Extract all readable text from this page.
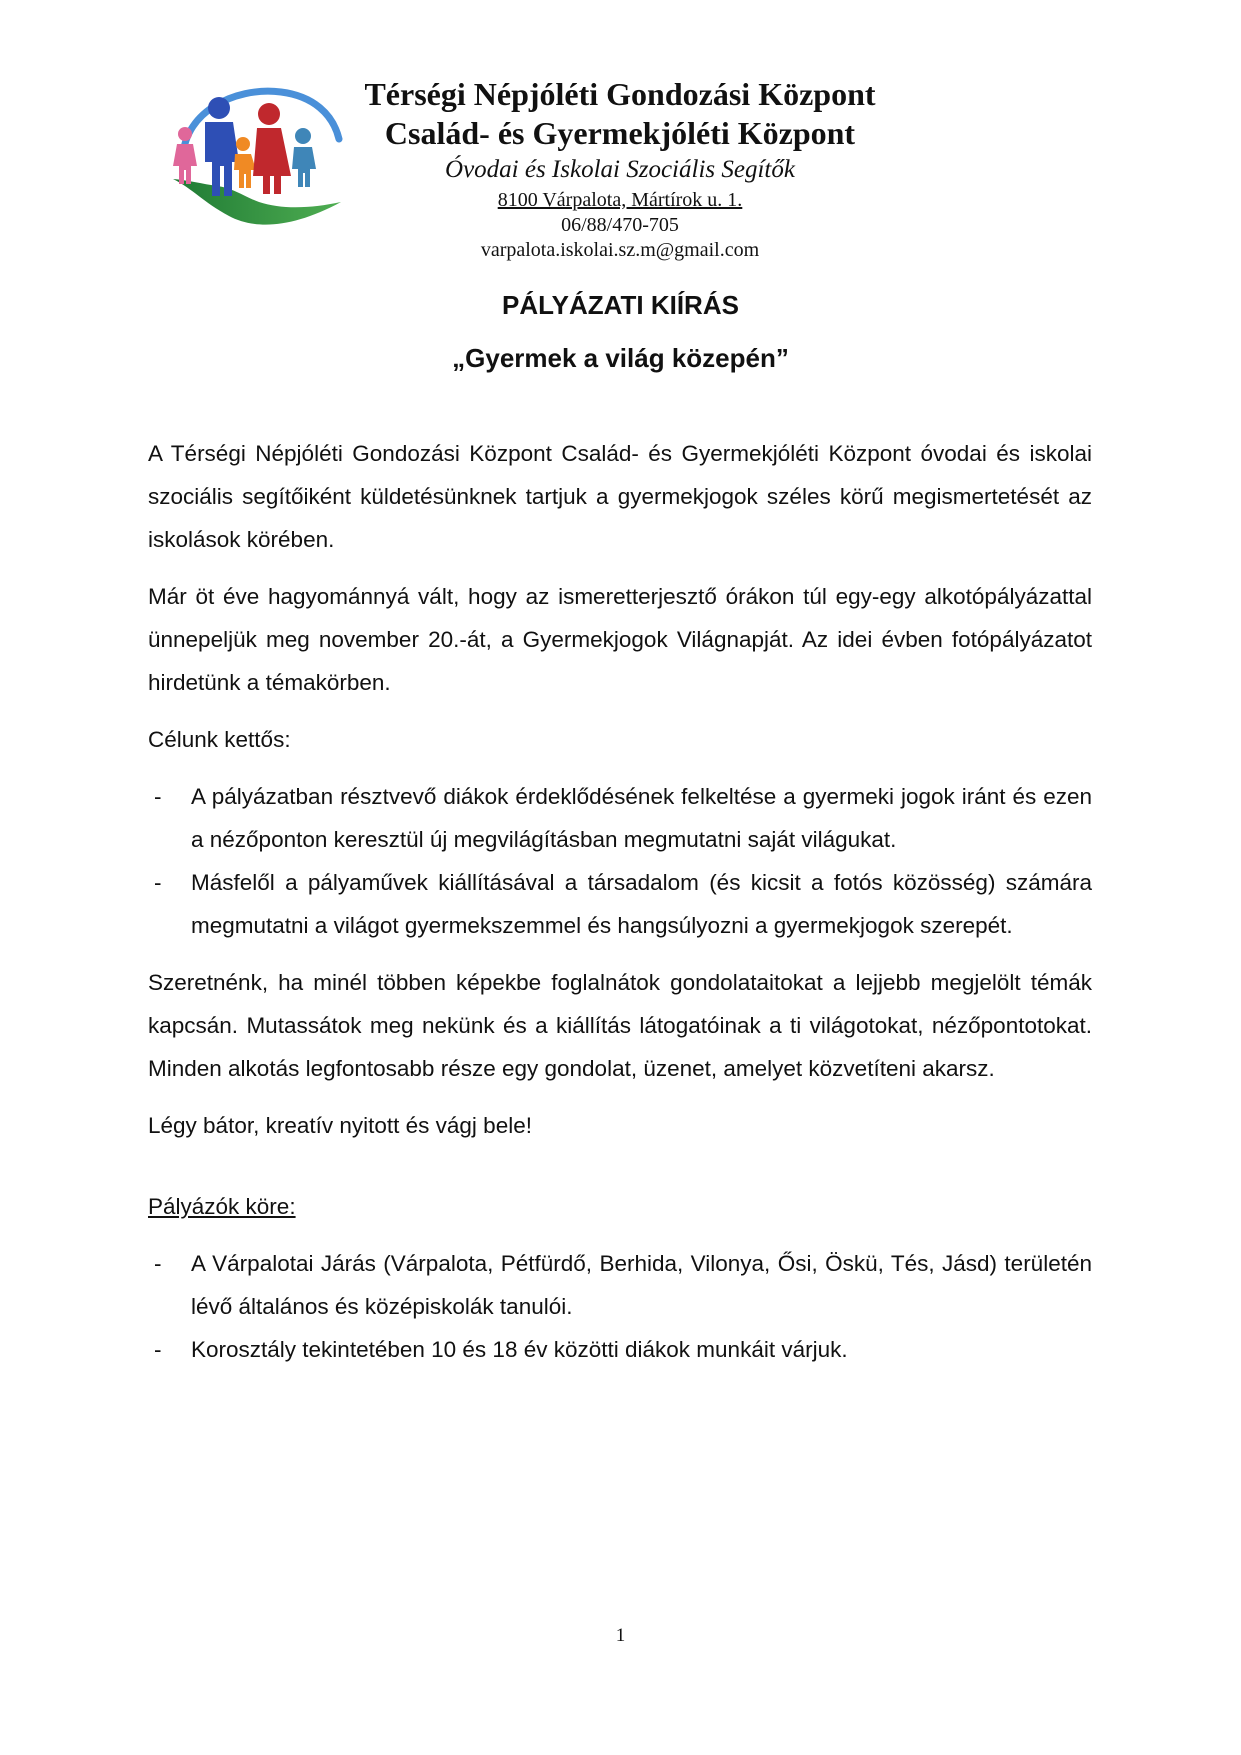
Térségi Népjóléti Gondozási Központ
Család- és Gyermekjóléti Központ
Óvodai és Iskolai Szociális Segítők
8100 Várpalota, Mártírok u. 1.
06/88/470-705
varpalota.iskolai.sz.m@gmail.com
PÁLYÁZATI KIÍRÁS
„Gyermek a világ közepén”

A Térségi Népjóléti Gondozási Központ Család- és Gyermekjóléti Központ óvodai és iskolai szociális segítőiként küldetésünknek tartjuk a gyermekjogok széles körű megismertetését az iskolások körében.

Már öt éve hagyománnyá vált, hogy az ismeretterjesztő órákon túl egy-egy alkotópályázattal ünnepeljük meg november 20.-át, a Gyermekjogok Világnapját. Az idei évben fotópályázatot hirdetünk a témakörben.

Célunk kettős:

- A pályázatban résztvevő diákok érdeklődésének felkeltése a gyermeki jogok iránt és ezen a nézőponton keresztül új megvilágításban megmutatni saját világukat.
- Másfelől a pályaművek kiállításával a társadalom (és kicsit a fotós közösség) számára megmutatni a világot gyermekszemmel és hangsúlyozni a gyermekjogok szerepét.

Szeretnénk, ha minél többen képekbe foglalnátok gondolataitokat a lejjebb megjelölt témák kapcsán. Mutassátok meg nekünk és a kiállítás látogatóinak a ti világotokat, nézőpontotokat. Minden alkotás legfontosabb része egy gondolat, üzenet, amelyet közvetíteni akarsz.

Légy bátor, kreatív nyitott és vágj bele!

Pályázók köre:
- A Várpalotai Járás (Várpalota, Pétfürdő, Berhida, Vilonya, Ősi, Öskü, Tés, Jásd) területén lévő általános és középiskolák tanulói.
- Korosztály tekintetében 10 és 18 év közötti diákok munkáit várjuk.
1
